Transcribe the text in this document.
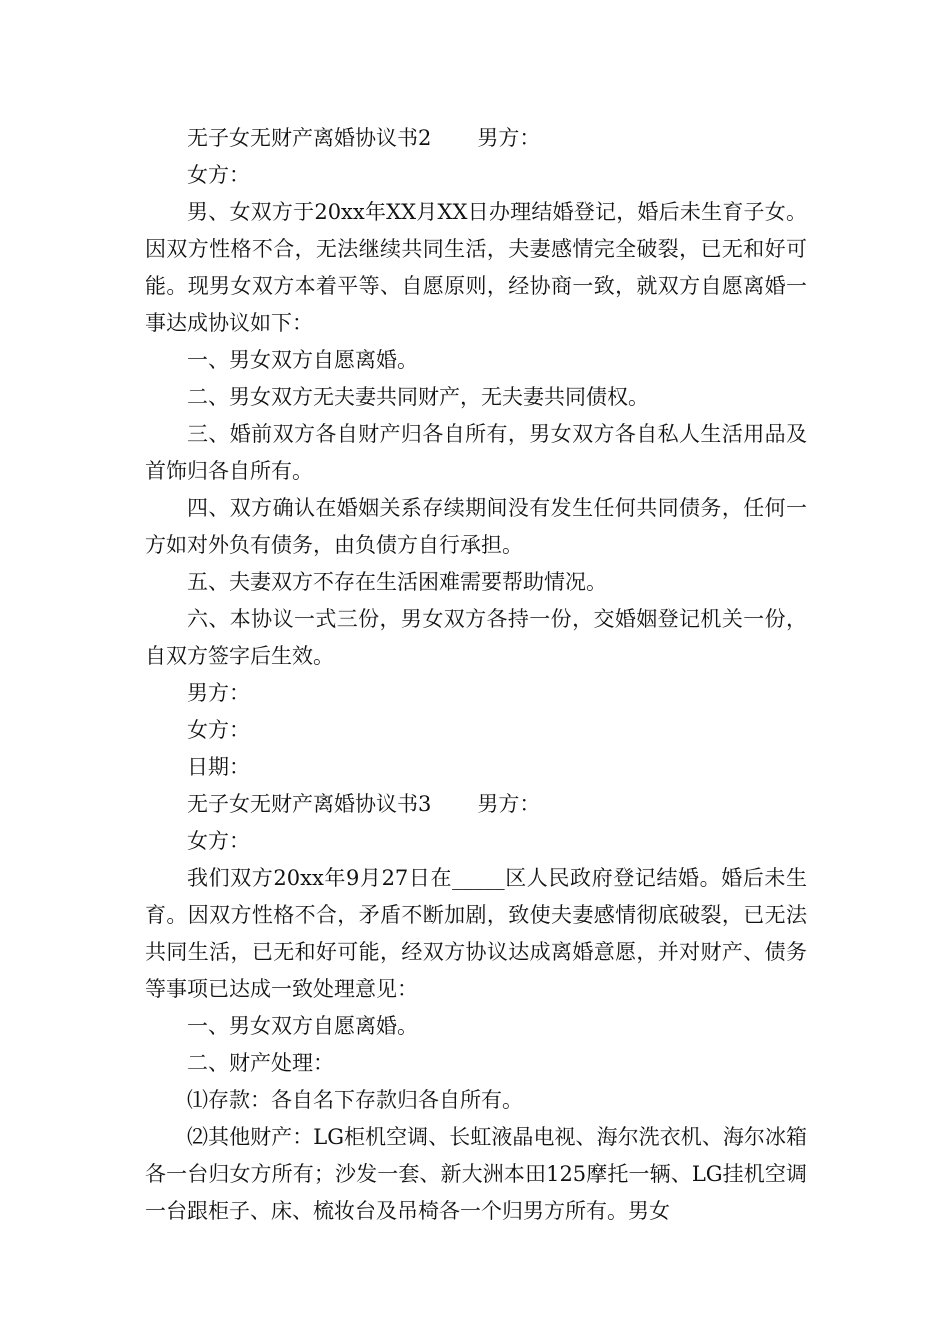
无子女无财产离婚协议书2 男方：

女方：

男、女双方于20xx年XX月XX日办理结婚登记，婚后未生育子女。因双方性格不合，无法继续共同生活，夫妻感情完全破裂，已无和好可能。现男女双方本着平等、自愿原则，经协商一致，就双方自愿离婚一事达成协议如下：

一、男女双方自愿离婚。

二、男女双方无夫妻共同财产，无夫妻共同债权。

三、婚前双方各自财产归各自所有，男女双方各自私人生活用品及首饰归各自所有。

四、双方确认在婚姻关系存续期间没有发生任何共同债务，任何一方如对外负有债务，由负债方自行承担。

五、夫妻双方不存在生活困难需要帮助情况。

六、本协议一式三份，男女双方各持一份，交婚姻登记机关一份，自双方签字后生效。

男方：

女方：

日期：

无子女无财产离婚协议书3 男方：

女方：

我们双方20xx年9月27日在_____区人民政府登记结婚。婚后未生育。因双方性格不合，矛盾不断加剧，致使夫妻感情彻底破裂，已无法共同生活，已无和好可能，经双方协议达成离婚意愿，并对财产、债务等事项已达成一致处理意见：

一、男女双方自愿离婚。

二、财产处理：

⑴存款：各自名下存款归各自所有。

⑵其他财产：LG柜机空调、长虹液晶电视、海尔洗衣机、海尔冰箱各一台归女方所有；沙发一套、新大洲本田125摩托一辆、LG挂机空调一台跟柜子、床、梳妆台及吊椅各一个归男方所有。男女
